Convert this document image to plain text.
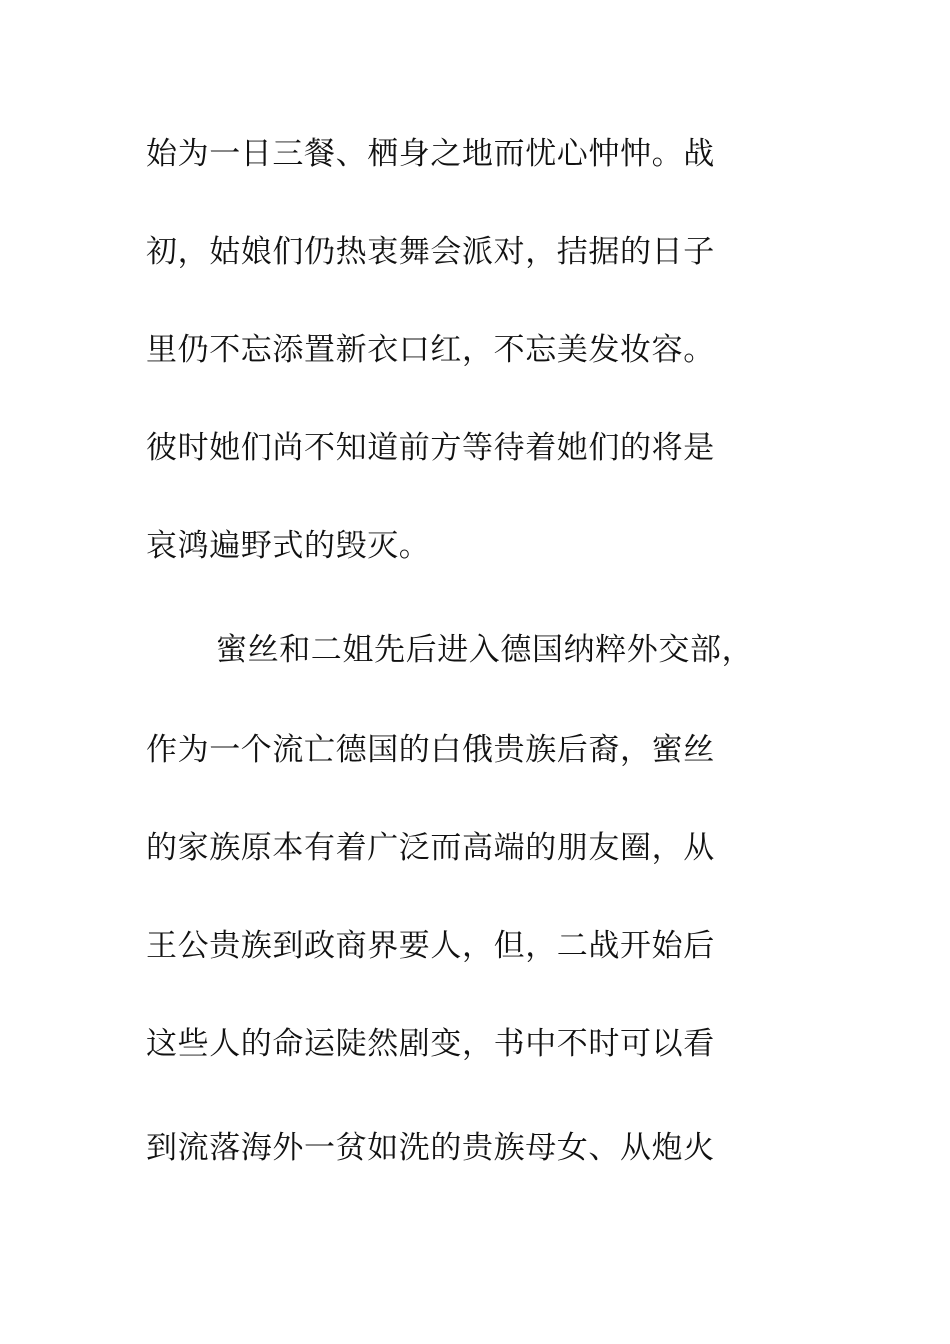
始为一日三餐、栖身之地而忧心忡忡。战
初，姑娘们仍热衷舞会派对，拮据的日子
里仍不忘添置新衣口红，不忘美发妆容。
彼时她们尚不知道前方等待着她们的将是
哀鸿遍野式的毁灭。
蜜丝和二姐先后进入德国纳粹外交部，
作为一个流亡德国的白俄贵族后裔，蜜丝
的家族原本有着广泛而高端的朋友圈，从
王公贵族到政商界要人，但，二战开始后
这些人的命运陡然剧变，书中不时可以看
到流落海外一贫如洗的贵族母女、从炮火
